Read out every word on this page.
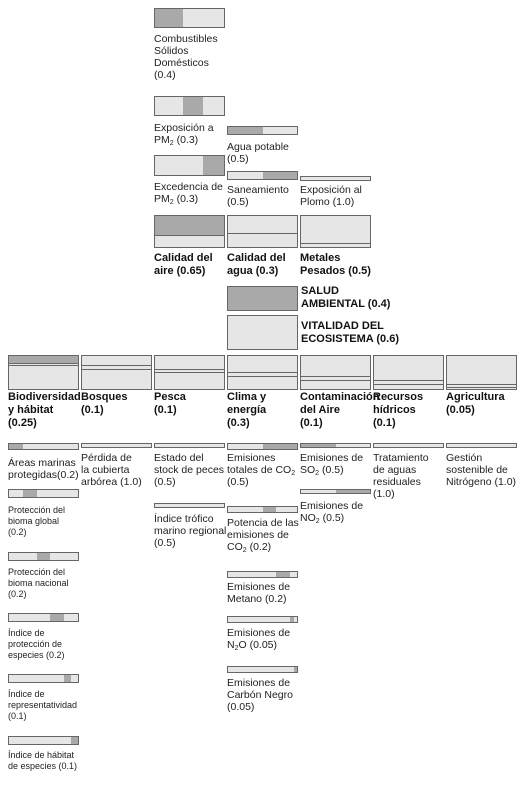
Combustibles
Sólidos
Domésticos
(0.4)

Exposición a
$PM_2$ (0.3)

Excedencia de
$PM_2$ (0.3)

Agua potable
(0.5)

Saneamiento
(0.5)

Exposición al
Plomo (1.0)

Calidad del
aire (0.65)

Calidad del
agua (0.3)

Metales
Pesados (0.5)

SALUD
AMBIENTAL (0.4)

VITALIDAD DEL
ECOSISTEMA (0.6)

Biodiversidad
y hábitat
(0.25)

Bosques
(0.1)

Pesca
(0.1)

Clima y
energía
(0.3)

Contaminación
del Aire
(0.1)

Recursos
hídricos
(0.1)

Agricultura
(0.05)

Áreas marinas
protegidas(0.2)

Protección del
bioma global
(0.2)

Protección del
bioma nacional
(0.2)

Índice de
protección de
especies (0.2)

Índice de
representatividad
(0.1)

Índice de hábitat
de especies (0.1)

Pérdida de
la cubierta
arbórea (1.0)

Estado del
stock de peces
(0.5)

Índice trófico
marino regional
(0.5)

Emisiones
totales de $CO_2$
(0.5)

Potencia de las
emisiones de
$CO_2$ (0.2)

Emisiones de
Metano (0.2)

Emisiones de
$N_2O$ (0.05)

Emisiones de
Carbón Negro
(0.05)

Emisiones de
$SO_2$ (0.5)

Emisiones de
$NO_2$ (0.5)

Tratamiento
de aguas
residuales
(1.0)

Gestión
sostenible de
Nitrógeno (1.0)
